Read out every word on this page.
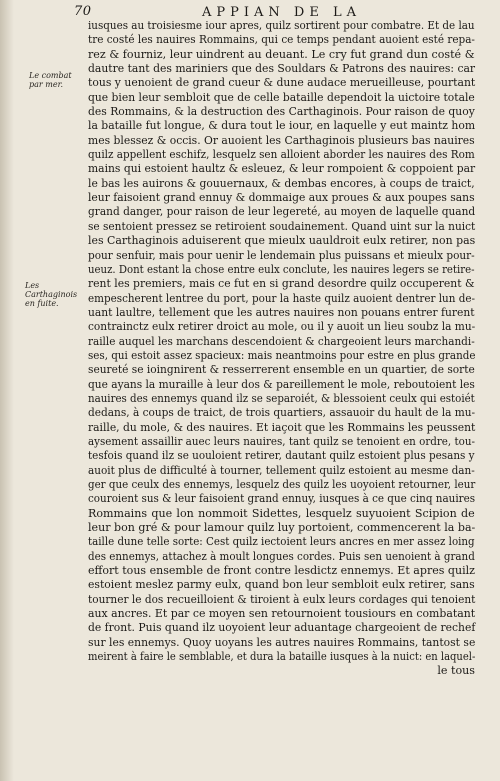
70	APPIAN DE LA
Le combat par mer.
Les Carthaginois en fuite.
iusques au troisiesme iour apres, quilz sortirent pour combatre. Et de lau
tre costé les nauires Rommains, qui ce temps pendant auoient esté repa-
rez & fourniz, leur uindrent au deuant. Le cry fut grand dun costé &
dautre tant des mariniers que des Souldars & Patrons des nauires: car
tous y uenoient de grand cueur & dune audace merueilleuse, pourtant
que bien leur sembloit que de celle bataille dependoit la uictoire totale
des Rommains, & la destruction des Carthaginois. Pour raison de quoy
la bataille fut longue, & dura tout le iour, en laquelle y eut maintz hom
mes blessez & occis. Or auoient les Carthaginois plusieurs bas nauires
quilz appellent eschifz, lesquelz sen alloient aborder les nauires des Rom
mains qui estoient haultz & esleuez, & leur rompoient & coppoient par
le bas les auirons & gouuernaux, & dembas encores, à coups de traict,
leur faisoient grand ennuy & dommaige aux proues & aux poupes sans
grand danger, pour raison de leur legereté, au moyen de laquelle quand
se sentoient pressez se retiroient soudainement. Quand uint sur la nuict
les Carthaginois aduiserent que mieulx uauldroit eulx retirer, non pas
pour senfuir, mais pour uenir le lendemain plus puissans et mieulx pour-
ueuz. Dont estant la chose entre eulx conclute, les nauires legers se retire-
rent les premiers, mais ce fut en si grand desordre quilz occuperent &
empescherent lentree du port, pour la haste quilz auoient dentrer lun de-
uant laultre, tellement que les autres nauires non pouans entrer furent
contrainctz eulx retirer droict au mole, ou il y auoit un lieu soubz la mu-
raille auquel les marchans descendoient & chargeoient leurs marchandi-
ses, qui estoit assez spacieux: mais neantmoins pour estre en plus grande
seureté se ioingnirent & resserrerent ensemble en un quartier, de sorte
que ayans la muraille à leur dos & pareillement le mole, reboutoient les
nauires des ennemys quand ilz se separoiét, & blessoient ceulx qui estoiét
dedans, à coups de traict, de trois quartiers, assauoir du hault de la mu-
raille, du mole, & des nauires. Et iaçoit que les Rommains les peussent
aysement assaillir auec leurs nauires, tant quilz se tenoient en ordre, tou-
tesfois quand ilz se uouloient retirer, dautant quilz estoient plus pesans y
auoit plus de difficulté à tourner, tellement quilz estoient au mesme dan-
ger que ceulx des ennemys, lesquelz des quilz les uoyoient retourner, leur
couroient sus & leur faisoient grand ennuy, iusques à ce que cinq nauires
Rommains que lon nommoit Sidettes, lesquelz suyuoient Scipion de
leur bon gré & pour lamour quilz luy portoient, commencerent la ba-
taille dune telle sorte: Cest quilz iectoient leurs ancres en mer assez loing
des ennemys, attachez à moult longues cordes. Puis sen uenoient à grand
effort tous ensemble de front contre lesdictz ennemys. Et apres quilz
estoient meslez parmy eulx, quand bon leur sembloit eulx retirer, sans
tourner le dos recueilloient & tiroient à eulx leurs cordages qui tenoient
aux ancres. Et par ce moyen sen retournoient tousiours en combatant
de front. Puis quand ilz uoyoient leur aduantage chargeoient de rechef
sur les ennemys. Quoy uoyans les autres nauires Rommains, tantost se
meirent à faire le semblable, et dura la bataille iusques à la nuict: en laquel-
le tous
